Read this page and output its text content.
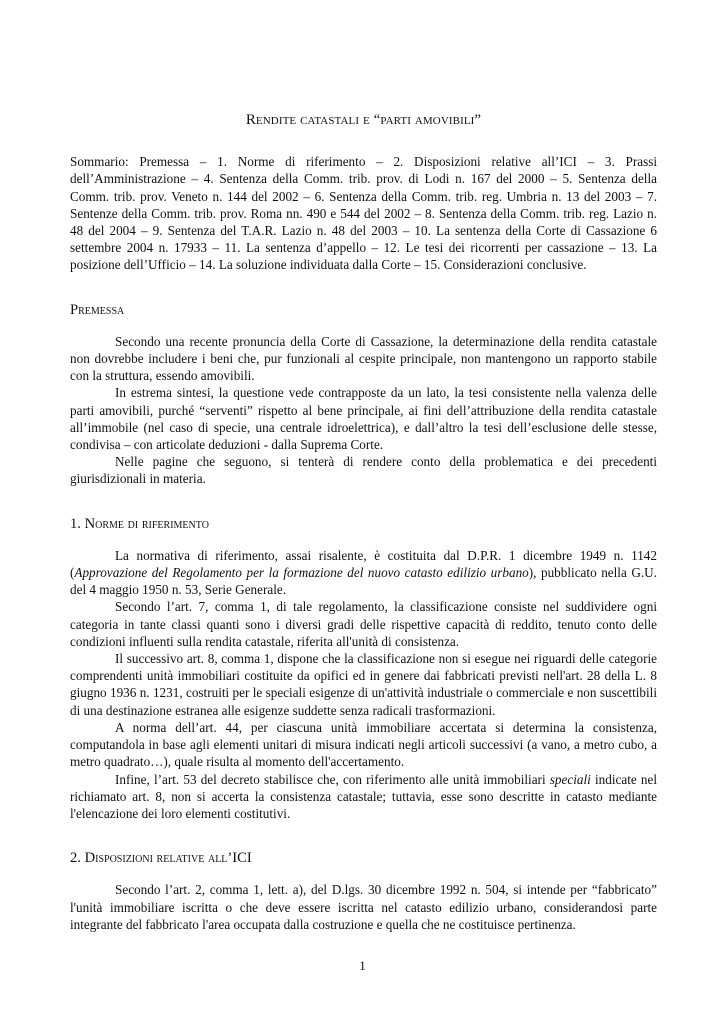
Rendite catastali e “parti amovibili”

Sommario: Premessa – 1. Norme di riferimento – 2. Disposizioni relative all’ICI – 3. Prassi dell’Amministrazione – 4. Sentenza della Comm. trib. prov. di Lodi n. 167 del 2000 – 5. Sentenza della Comm. trib. prov. Veneto n. 144 del 2002 – 6. Sentenza della Comm. trib. reg. Umbria n. 13 del 2003 – 7. Sentenze della Comm. trib. prov. Roma nn. 490 e 544 del 2002 – 8. Sentenza della Comm. trib. reg. Lazio n. 48 del 2004 – 9. Sentenza del T.A.R. Lazio n. 48 del 2003 – 10. La sentenza della Corte di Cassazione 6 settembre 2004 n. 17933 – 11. La sentenza d’appello – 12. Le tesi dei ricorrenti per cassazione – 13. La posizione dell’Ufficio – 14. La soluzione individuata dalla Corte – 15. Considerazioni conclusive.

Premessa

Secondo una recente pronuncia della Corte di Cassazione, la determinazione della rendita catastale non dovrebbe includere i beni che, pur funzionali al cespite principale, non mantengono un rapporto stabile con la struttura, essendo amovibili.

In estrema sintesi, la questione vede contrapposte da un lato, la tesi consistente nella valenza delle parti amovibili, purché “serventi” rispetto al bene principale, ai fini dell’attribuzione della rendita catastale all’immobile (nel caso di specie, una centrale idroelettrica), e dall’altro la tesi dell’esclusione delle stesse, condivisa – con articolate deduzioni - dalla Suprema Corte.

Nelle pagine che seguono, si tenterà di rendere conto della problematica e dei precedenti giurisdizionali in materia.

1. Norme di riferimento

La normativa di riferimento, assai risalente, è costituita dal D.P.R. 1 dicembre 1949 n. 1142 (Approvazione del Regolamento per la formazione del nuovo catasto edilizio urbano), pubblicato nella G.U. del 4 maggio 1950 n. 53, Serie Generale.

Secondo l’art. 7, comma 1, di tale regolamento, la classificazione consiste nel suddividere ogni categoria in tante classi quanti sono i diversi gradi delle rispettive capacità di reddito, tenuto conto delle condizioni influenti sulla rendita catastale, riferita all'unità di consistenza.

Il successivo art. 8, comma 1, dispone che la classificazione non si esegue nei riguardi delle categorie comprendenti unità immobiliari costituite da opifici ed in genere dai fabbricati previsti nell'art. 28 della L. 8 giugno 1936 n. 1231, costruiti per le speciali esigenze di un'attività industriale o commerciale e non suscettibili di una destinazione estranea alle esigenze suddette senza radicali trasformazioni.

A norma dell’art. 44, per ciascuna unità immobiliare accertata si determina la consistenza, computandola in base agli elementi unitari di misura indicati negli articoli successivi (a vano, a metro cubo, a metro quadrato…), quale risulta al momento dell'accertamento.

Infine, l’art. 53 del decreto stabilisce che, con riferimento alle unità immobiliari speciali indicate nel richiamato art. 8, non si accerta la consistenza catastale; tuttavia, esse sono descritte in catasto mediante l'elencazione dei loro elementi costitutivi.

2. Disposizioni relative all’ICI

Secondo l’art. 2, comma 1, lett. a), del D.lgs. 30 dicembre 1992 n. 504, si intende per “fabbricato” l'unità immobiliare iscritta o che deve essere iscritta nel catasto edilizio urbano, considerandosi parte integrante del fabbricato l'area occupata dalla costruzione e quella che ne costituisce pertinenza.

1
